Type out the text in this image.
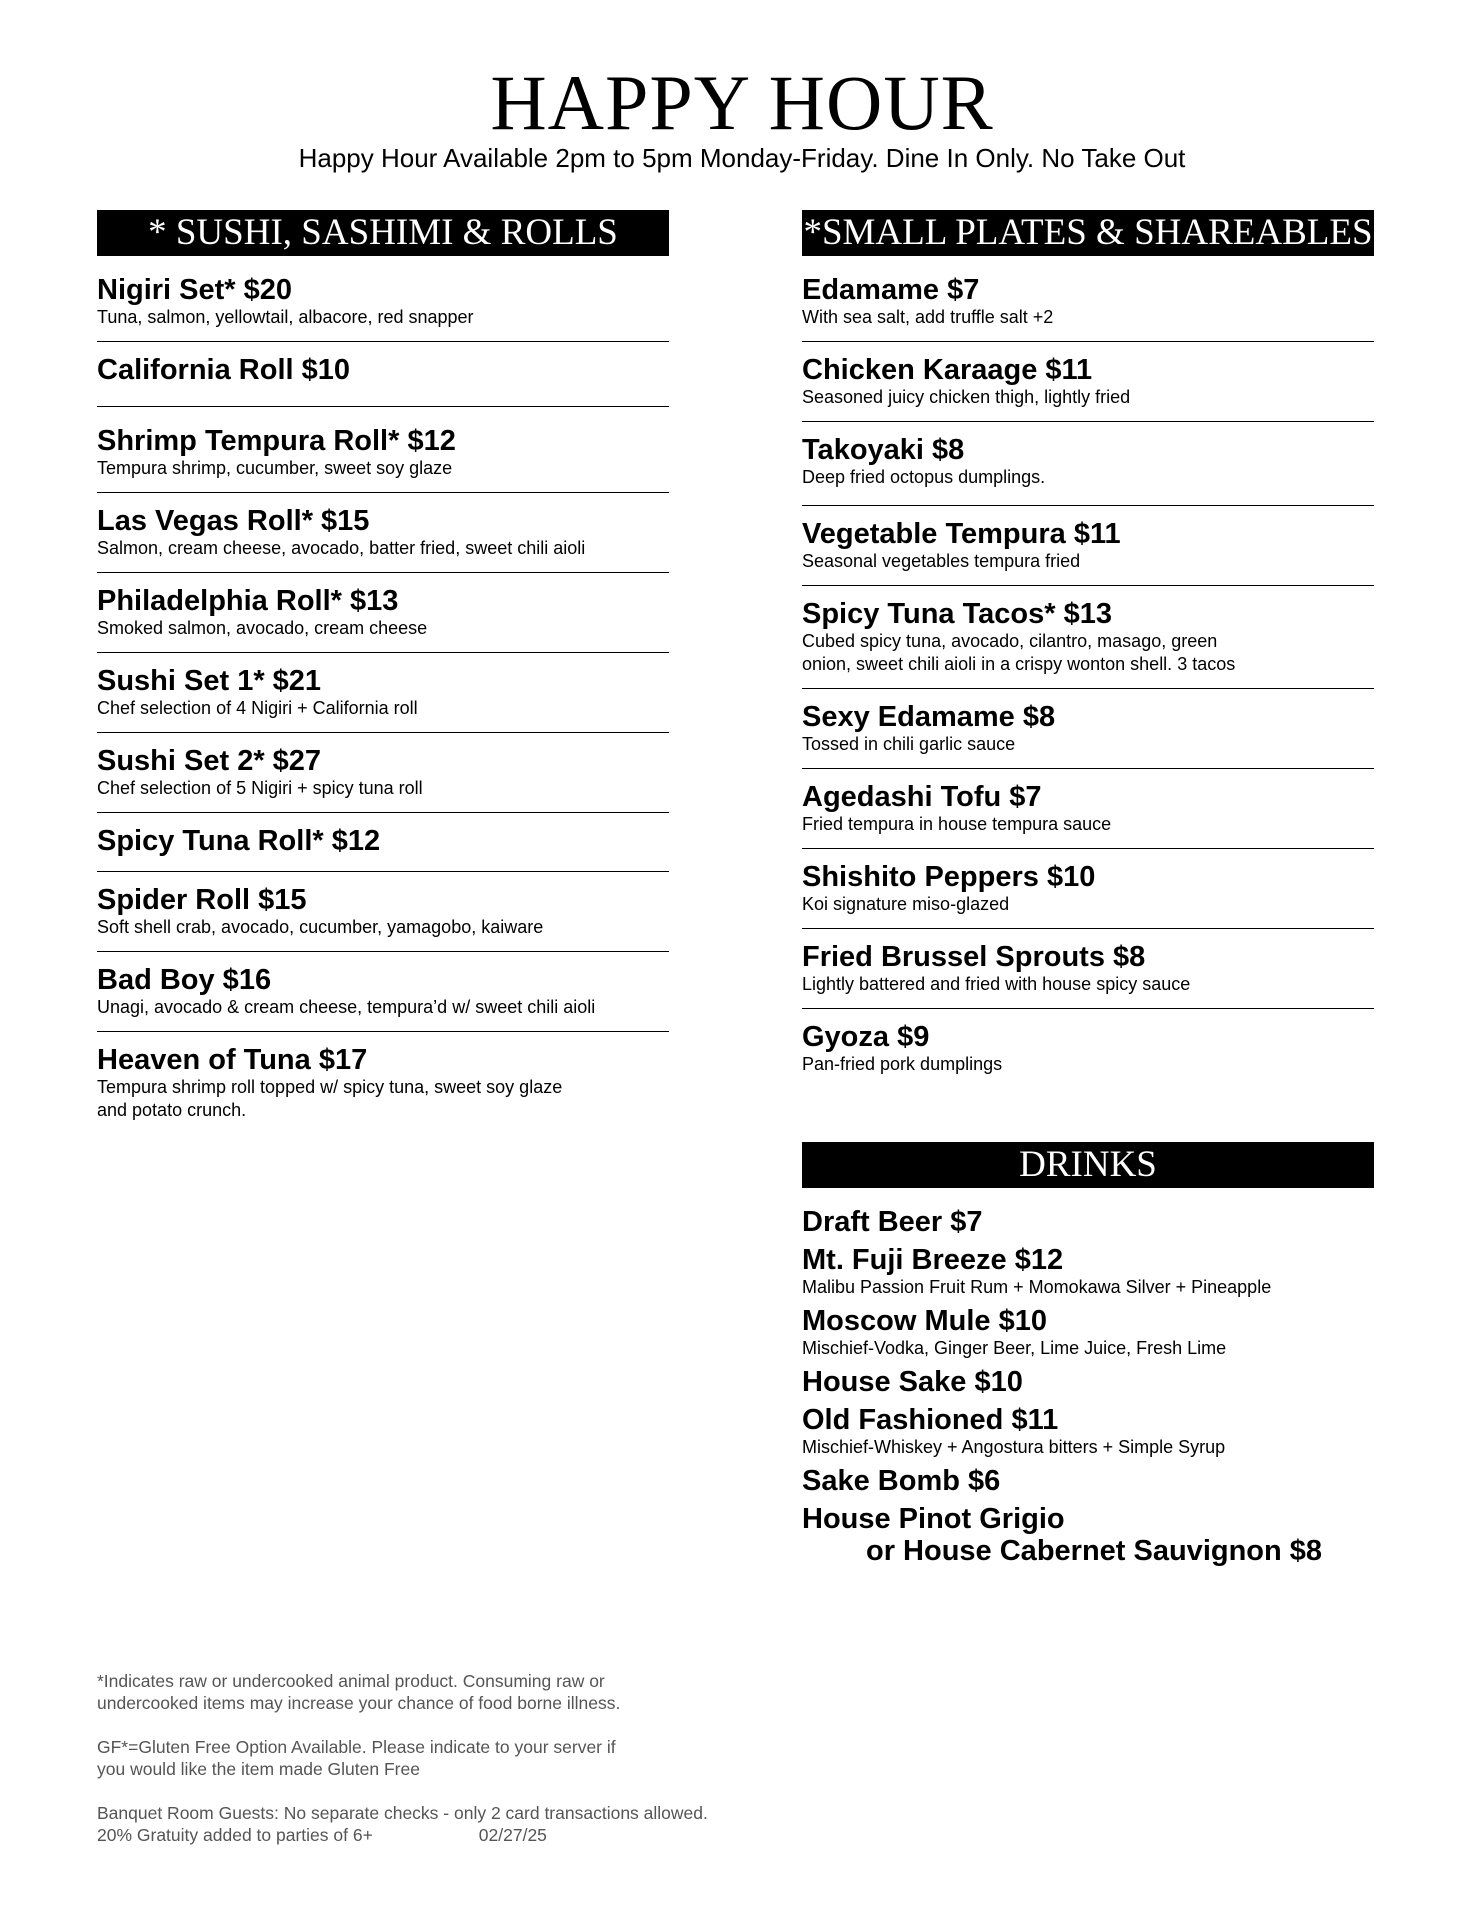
HAPPY HOUR
Happy Hour Available 2pm to 5pm Monday-Friday. Dine In Only. No Take Out
* SUSHI, SASHIMI & ROLLS
Nigiri Set* $20
Tuna, salmon, yellowtail, albacore, red snapper
California Roll $10
Shrimp Tempura Roll* $12
Tempura shrimp, cucumber, sweet soy glaze
Las Vegas Roll* $15
Salmon, cream cheese, avocado, batter fried, sweet chili aioli
Philadelphia Roll* $13
Smoked salmon, avocado, cream cheese
Sushi Set 1* $21
Chef selection of 4 Nigiri + California roll
Sushi Set 2* $27
Chef selection of 5 Nigiri + spicy tuna roll
Spicy Tuna Roll* $12
Spider Roll $15
Soft shell crab, avocado, cucumber, yamagobo, kaiware
Bad Boy $16
Unagi, avocado & cream cheese, tempura’d w/ sweet chili aioli
Heaven of Tuna $17
Tempura shrimp roll topped w/ spicy tuna, sweet soy glaze
and potato crunch.
*SMALL PLATES & SHAREABLES
Edamame $7
With sea salt, add truffle salt +2
Chicken Karaage $11
Seasoned juicy chicken thigh, lightly fried
Takoyaki $8
Deep fried octopus dumplings.
Vegetable Tempura $11
Seasonal vegetables tempura fried
Spicy Tuna Tacos* $13
Cubed spicy tuna, avocado, cilantro, masago, green
onion, sweet chili aioli in a crispy wonton shell. 3 tacos
Sexy Edamame $8
Tossed in chili garlic sauce
Agedashi Tofu $7
Fried tempura in house tempura sauce
Shishito Peppers $10
Koi signature miso-glazed
Fried Brussel Sprouts $8
Lightly battered and fried with house spicy sauce
Gyoza $9
Pan-fried pork dumplings
DRINKS
Draft Beer $7
Mt. Fuji Breeze $12
Malibu Passion Fruit Rum + Momokawa Silver + Pineapple
Moscow Mule $10
Mischief-Vodka, Ginger Beer, Lime Juice, Fresh Lime
House Sake $10
Old Fashioned $11
Mischief-Whiskey + Angostura bitters + Simple Syrup
Sake Bomb $6
House Pinot Grigio
or House Cabernet Sauvignon $8

*Indicates raw or undercooked animal product. Consuming raw or
undercooked items may increase your chance of food borne illness.

GF*=Gluten Free Option Available. Please indicate to your server if
you would like the item made Gluten Free

Banquet Room Guests: No separate checks - only 2 card transactions allowed.
20% Gratuity added to parties of 6+	02/27/25
